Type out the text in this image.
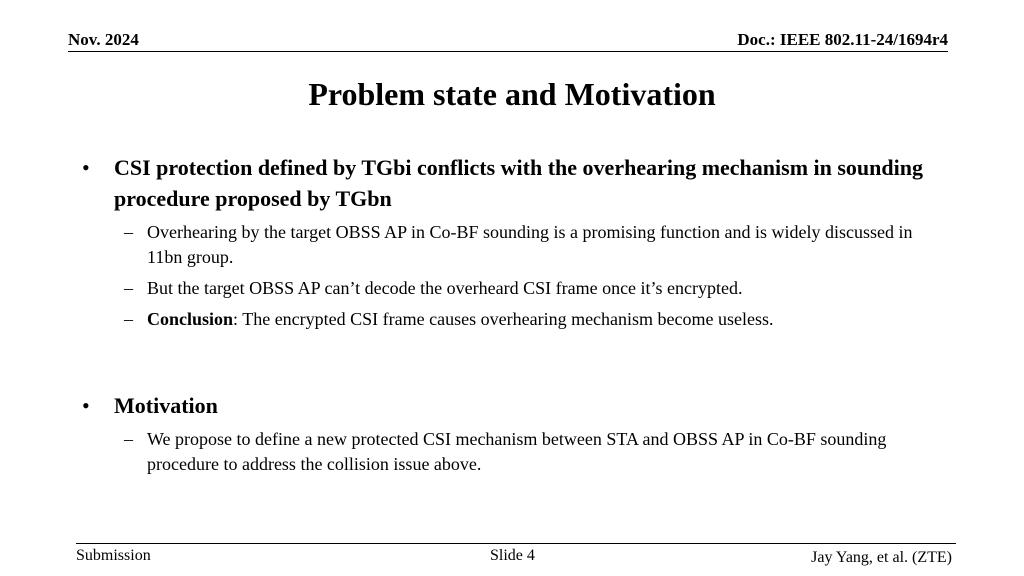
Nov. 2024	Doc.: IEEE 802.11-24/1694r4
Problem state and Motivation
• CSI protection defined by TGbi conflicts with the overhearing mechanism in sounding procedure proposed by TGbn
– Overhearing by the target OBSS AP in Co-BF sounding is a promising function and is widely discussed in 11bn group.
– But the target OBSS AP can’t decode the overheard CSI frame once it’s encrypted.
– Conclusion: The encrypted CSI frame causes overhearing mechanism become useless.
• Motivation
– We propose to define a new protected CSI mechanism between STA and OBSS AP in Co-BF sounding procedure to address the collision issue above.
Submission	Slide 4	Jay Yang, et al. (ZTE)
